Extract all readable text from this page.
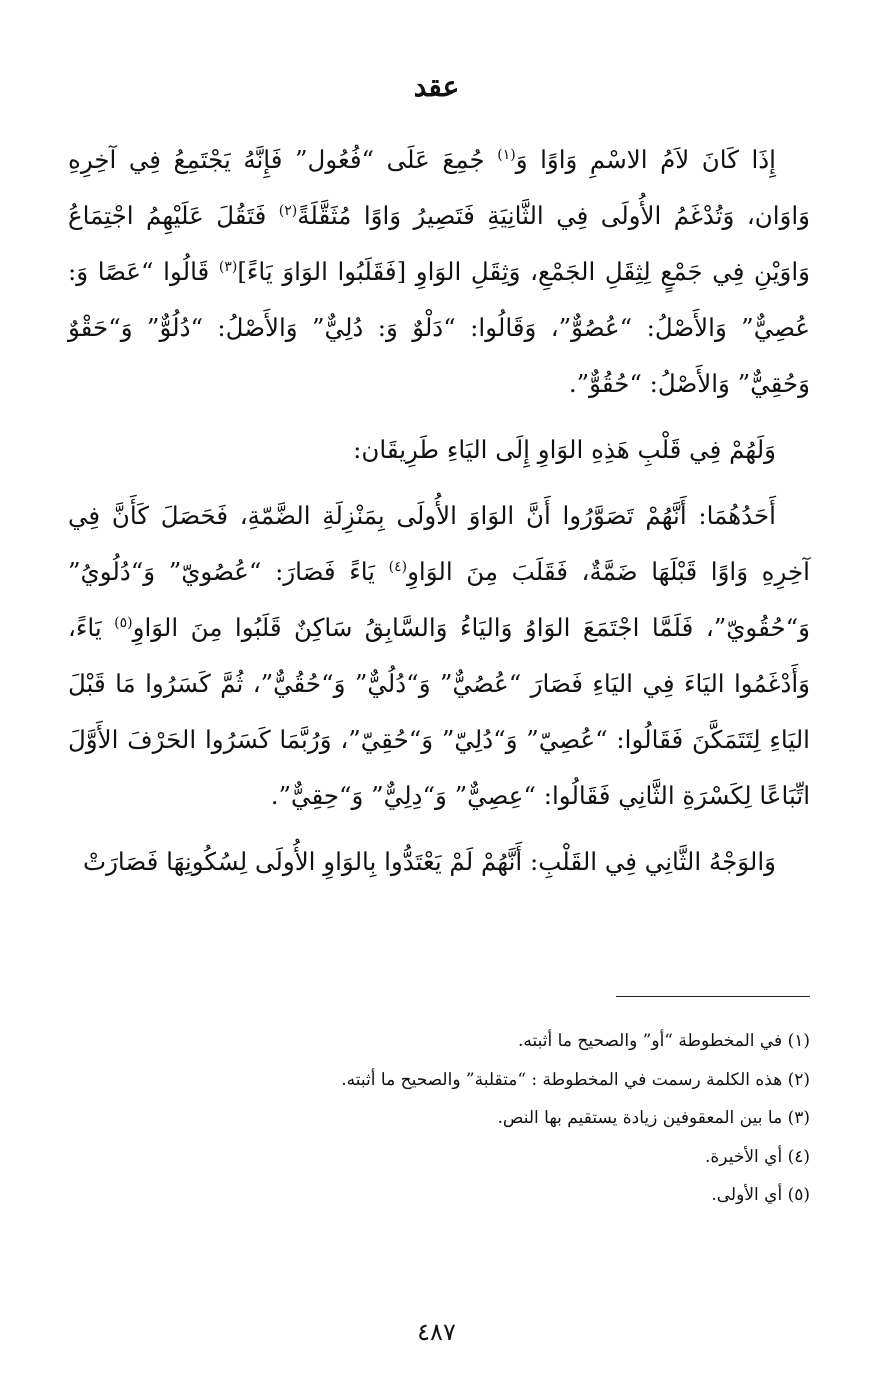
عقد

إِذَا كَانَ لاَمُ الاسْمِ وَاوًا وَ$^{(١)}$ جُمِعَ عَلَى “فُعُول” فَإِنَّهُ يَجْتَمِعُ فِي آخِرِهِ وَاوَان، وَتُدْغَمُ الأُولَى فِي الثَّانِيَةِ فَتَصِيرُ وَاوًا مُثَقَّلَةً$^{(٢)}$ فَتَقُلَ عَلَيْهِمُ اجْتِمَاعُ وَاوَيْنِ فِي جَمْعٍ لِثِقَلِ الجَمْعِ، وَثِقَلِ الوَاوِ [فَقَلَبُوا الوَاوَ يَاءً]$^{(٣)}$ قَالُوا “عَصًا وَ: عُصِيٌّ” وَالأَصْلُ: “عُصُوٌّ”، وَقَالُوا: “دَلْوٌ وَ: دُلِيٌّ” وَالأَصْلُ: “دُلُوٌّ” وَ“حَقْوٌ وَحُقِيٌّ” وَالأَصْلُ: “حُقُوٌّ”.

وَلَهُمْ فِي قَلْبِ هَذِهِ الوَاوِ إِلَى اليَاءِ طَرِيقَان:

أَحَدُهُمَا: أَنَّهُمْ تَصَوَّرُوا أَنَّ الوَاوَ الأُولَى بِمَنْزِلَةِ الضَّمّةِ، فَحَصَلَ كَأَنَّ فِي آخِرِهِ وَاوًا قَبْلَهَا ضَمَّةٌ، فَقَلَبَ مِنَ الوَاوِ$^{(٤)}$ يَاءً فَصَارَ: “عُصُويّ” وَ“دُلُويُ” وَ“حُقُويّ”، فَلَمَّا اجْتَمَعَ الوَاوُ وَاليَاءُ وَالسَّابِقُ سَاكِنٌ قَلَبُوا مِنَ الوَاوِ$^{(٥)}$ يَاءً، وَأَدْغَمُوا اليَاءَ فِي اليَاءِ فَصَارَ “عُصُيٌّ” وَ“دُلُيٌّ” وَ“حُقُيٌّ”، ثُمَّ كَسَرُوا مَا قَبْلَ اليَاءِ لِتَتَمَكَّنَ فَقَالُوا: “عُصِيّ” وَ“دُلِيّ” وَ“حُقِيّ”، وَرُبَّمَا كَسَرُوا الحَرْفَ الأَوَّلَ اتِّبَاعًا لِكَسْرَةِ الثَّانِي فَقَالُوا: “عِصِيٌّ” وَ“دِلِيٌّ” وَ“حِقِيٌّ”.

وَالوَجْهُ الثَّانِي فِي القَلْبِ: أَنَّهُمْ لَمْ يَعْتَدُّوا بِالوَاوِ الأُولَى لِسُكُونِهَا فَصَارَتْ

(١) في المخطوطة “أو” والصحيح ما أثبته.

(٢) هذه الكلمة رسمت في المخطوطة : “متقلبة” والصحيح ما أثبته.

(٣) ما بين المعقوفين زيادة يستقيم بها النص.

(٤) أي الأخيرة.

(٥) أي الأولى.

٤٨٧
